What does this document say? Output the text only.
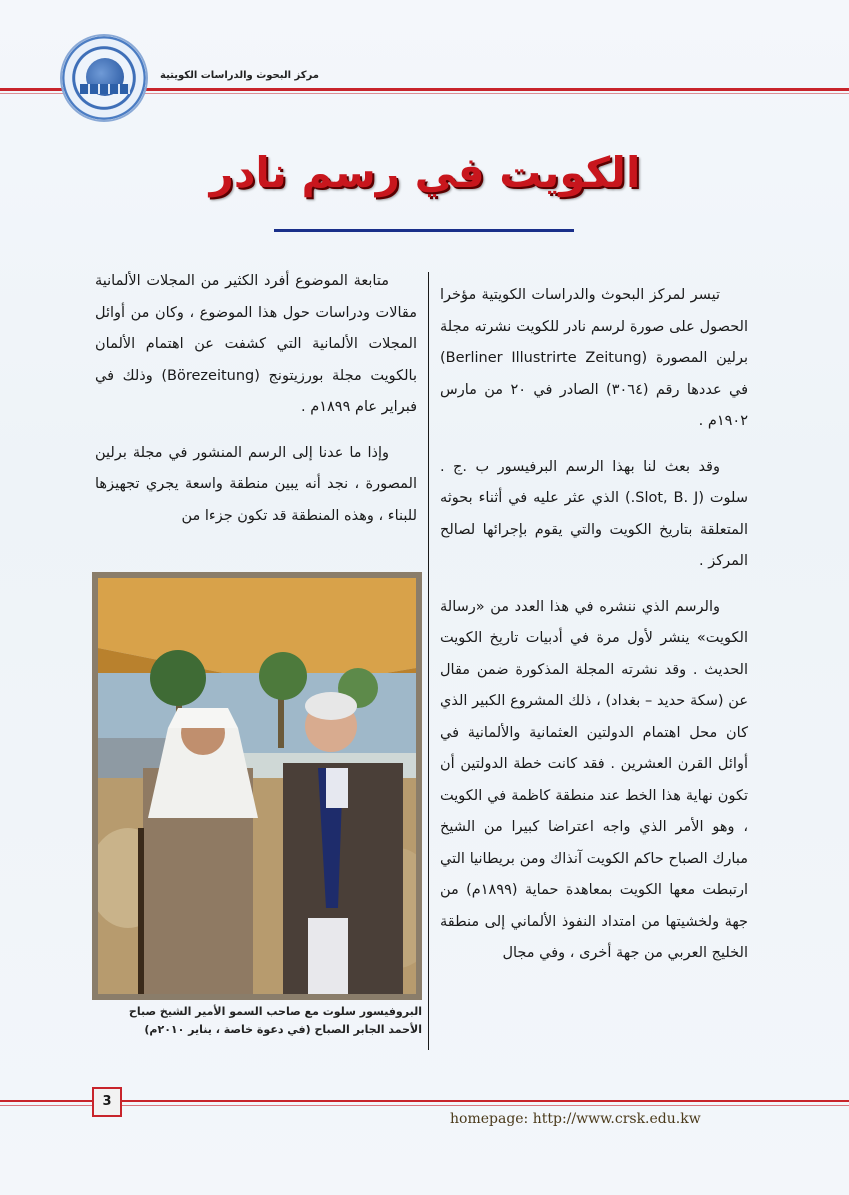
مركز البحوث والدراسات الكويتية
الكويت في رسم نادر

تيسر لمركز البحوث والدراسات الكويتية مؤخرا الحصول على صورة لرسم نادر للكويت نشرته مجلة برلين المصورة (Berliner Illustrirte Zeitung) في عددها رقم (٣٠٦٤) الصادر في ٢٠ من مارس ١٩٠٢م .

وقد بعث لنا بهذا الرسم البرفيسور ب .ج . سلوت (Slot, B. J.) الذي عثر عليه في أثناء بحوثه المتعلقة بتاريخ الكويت والتي يقوم بإجرائها لصالح المركز .

والرسم الذي ننشره في هذا العدد من «رسالة الكويت» ينشر لأول مرة في أدبيات تاريخ الكويت الحديث . وقد نشرته المجلة المذكورة ضمن مقال عن (سكة حديد – بغداد) ، ذلك المشروع الكبير الذي كان محل اهتمام الدولتين العثمانية والألمانية في أوائل القرن العشرين . فقد كانت خطة الدولتين أن تكون نهاية هذا الخط عند منطقة كاظمة في الكويت ، وهو الأمر الذي واجه اعتراضا كبيرا من الشيخ مبارك الصباح حاكم الكويت آنذاك ومن بريطانيا التي ارتبطت معها الكويت بمعاهدة حماية (١٨٩٩م) من جهة ولخشيتها من امتداد النفوذ الألماني إلى منطقة الخليج العربي من جهة أخرى ، وفي مجال

متابعة الموضوع أفرد الكثير من المجلات الألمانية مقالات ودراسات حول هذا الموضوع ، وكان من أوائل المجلات الألمانية التي كشفت عن اهتمام الألمان بالكويت مجلة بورزيتونج (Börezeitung) وذلك في فبراير عام ١٨٩٩م .

وإذا ما عدنا إلى الرسم المنشور في مجلة برلين المصورة ، نجد أنه يبين منطقة واسعة يجري تجهيزها للبناء ، وهذه المنطقة قد تكون جزءا من

البروفيسور سلوت مع صاحب السمو الأمير الشيخ صباح الأحمد الجابر الصباح (في دعوة خاصة ، يناير ٢٠١٠م)
3
homepage: http://www.crsk.edu.kw
